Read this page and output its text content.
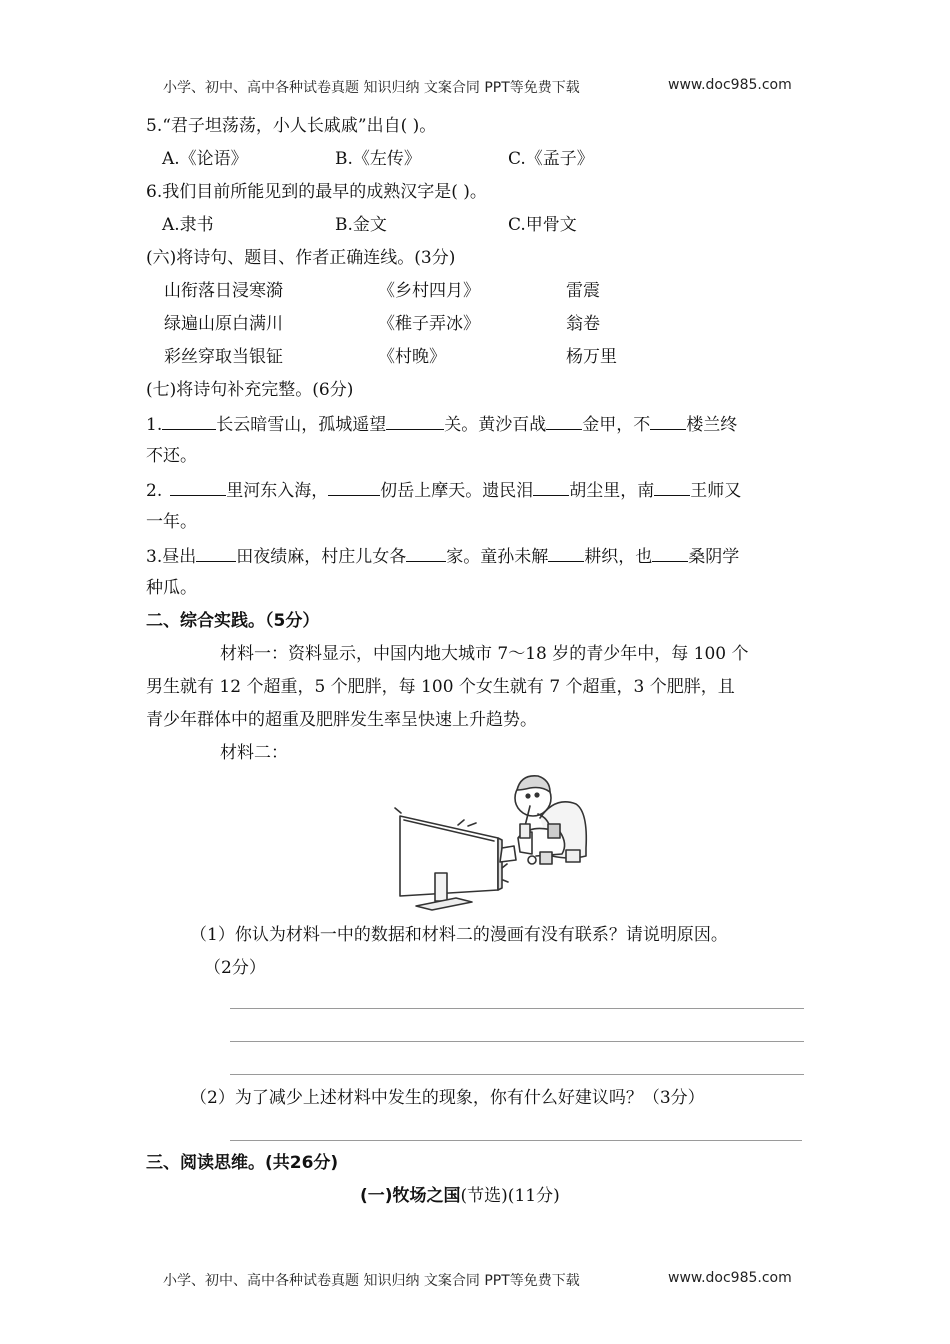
小学、初中、高中各种试卷真题 知识归纳 文案合同 PPT等免费下载	www.doc985.com
5.“君子坦荡荡，小人长戚戚”出自( )。
A.《论语》	B.《左传》	C.《孟子》
6.我们目前所能见到的最早的成熟汉字是( )。
A.隶书	B.金文	C.甲骨文
(六)将诗句、题目、作者正确连线。(3分)
山衔落日浸寒漪	《乡村四月》	雷震
绿遍山原白满川	《稚子弄冰》	翁卷
彩丝穿取当银钲	《村晚》	杨万里
(七)将诗句补充完整。(6分)
1.	长云暗雪山，孤城遥望	关。黄沙百战 金甲，不 楼兰终
不还。
2.	里河东入海，	仞岳上摩天。遗民泪 胡尘里，南 王师又
一年。
3.昼出 田夜绩麻，村庄儿女各 家。童孙未解 耕织，也 桑阴学
种瓜。
二、综合实践。（5分）
材料一：资料显示，中国内地大城市 7～18 岁的青少年中，每 100 个
男生就有 12 个超重，5 个肥胖，每 100 个女生就有 7 个超重，3 个肥胖，且
青少年群体中的超重及肥胖发生率呈快速上升趋势。
材料二：
（1）你认为材料一中的数据和材料二的漫画有没有联系？请说明原因。
（2分）
（2）为了减少上述材料中发生的现象，你有什么好建议吗？（3分）
三、阅读思维。(共26分)
(一)牧场之国(节选)(11分)
小学、初中、高中各种试卷真题 知识归纳 文案合同 PPT等免费下载	www.doc985.com
